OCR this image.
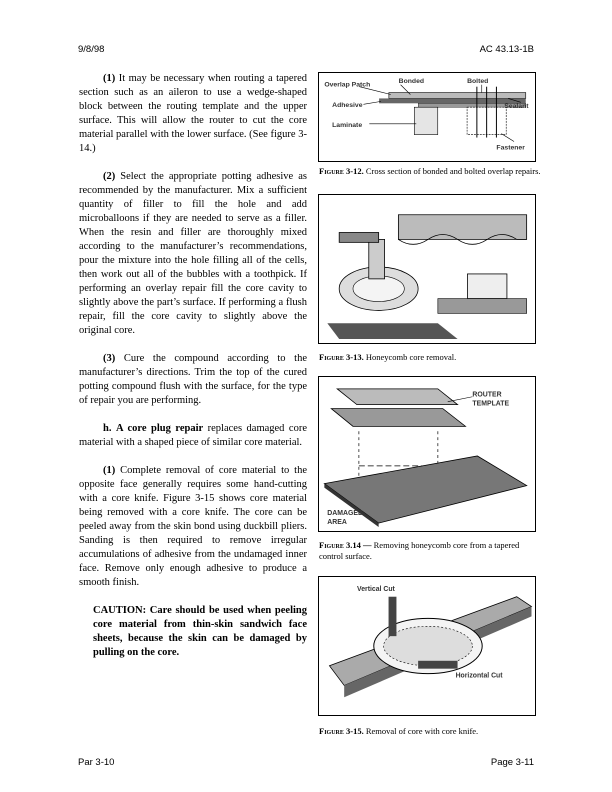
9/8/98	AC 43.13-1B

(1) It may be necessary when routing a tapered section such as an aileron to use a wedge-shaped block between the routing template and the upper surface. This will allow the router to cut the core material parallel with the lower surface. (See figure 3-14.)

(2) Select the appropriate potting adhesive as recommended by the manufacturer. Mix a sufficient quantity of filler to fill the hole and add microballoons if they are needed to serve as a filler. When the resin and filler are thoroughly mixed according to the manufacturer’s recommendations, pour the mixture into the hole filling all of the cells, then work out all of the bubbles with a toothpick. If performing an overlay repair fill the core cavity to slightly above the part’s surface. If performing a flush repair, fill the core cavity to slightly above the original core.

(3) Cure the compound according to the manufacturer’s directions. Trim the top of the cured potting compound flush with the surface, for the type of repair you are performing.

h. A core plug repair replaces damaged core material with a shaped piece of similar core material.

(1) Complete removal of core material to the opposite face generally requires some hand-cutting with a core knife. Figure 3-15 shows core material being removed with a core knife. The core can be peeled away from the skin bond using duckbill pliers. Sanding is then required to remove irregular accumulations of adhesive from the undamaged inner face. Remove only enough adhesive to produce a smooth finish.

CAUTION: Care should be used when peeling core material from thin-skin sandwich face sheets, because the skin can be damaged by pulling on the core.

Overlap Patch
Bonded	Bolted
Adhesive	Sealant
Laminate
Fastener

Figure 3-12. Cross section of bonded and bolted overlap repairs.

Figure 3-13. Honeycomb core removal.

ROUTER
TEMPLATE
DAMAGED
AREA

Figure 3.14 — Removing honeycomb core from a tapered control surface.

Vertical Cut
Horizontal Cut

Figure 3-15. Removal of core with core knife.

Par 3-10	Page 3-11
